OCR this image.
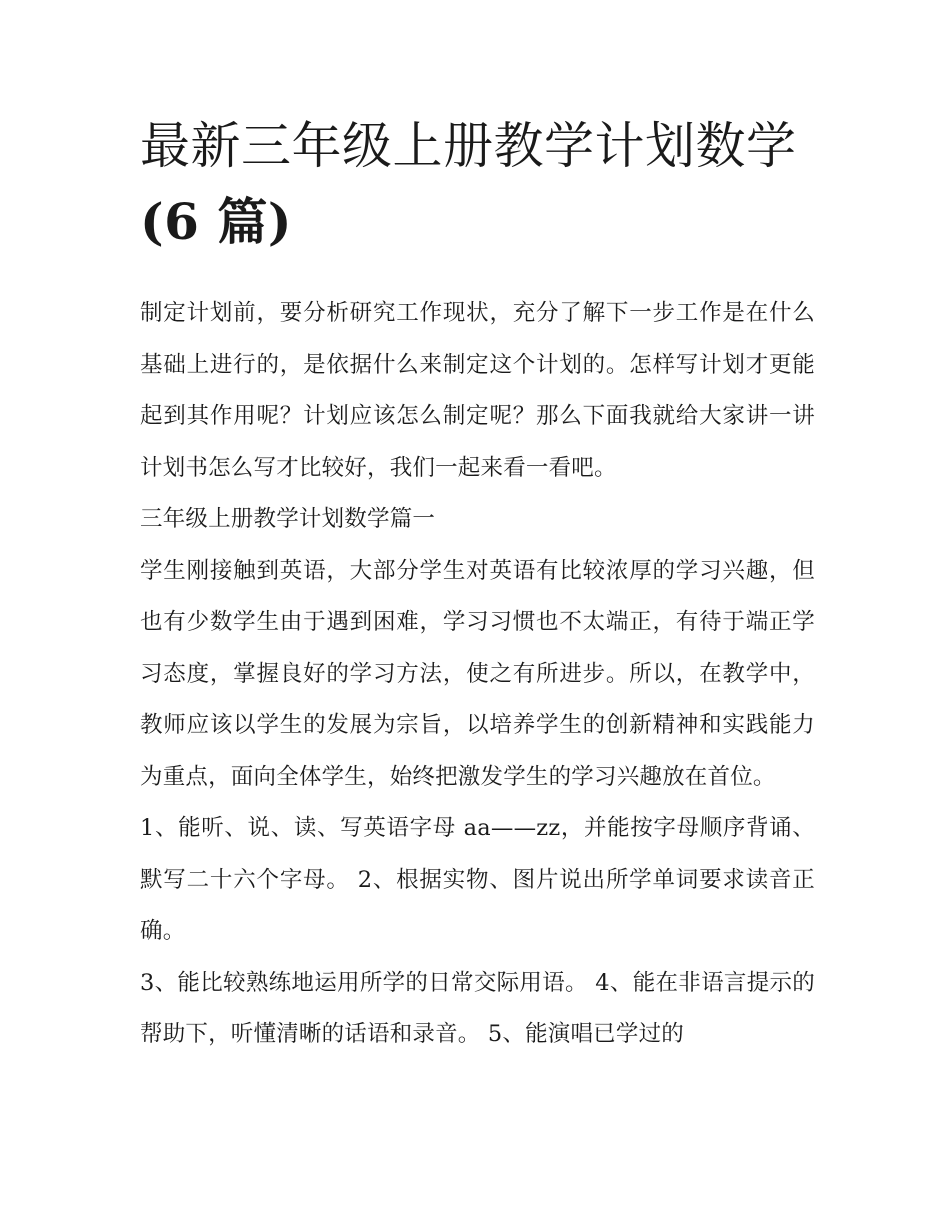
最新三年级上册教学计划数学
(6 篇)

制定计划前，要分析研究工作现状，充分了解下一步工作是在什么基础上进行的，是依据什么来制定这个计划的。怎样写计划才更能起到其作用呢？计划应该怎么制定呢？那么下面我就给大家讲一讲计划书怎么写才比较好，我们一起来看一看吧。

三年级上册教学计划数学篇一

学生刚接触到英语，大部分学生对英语有比较浓厚的学习兴趣，但也有少数学生由于遇到困难，学习习惯也不太端正，有待于端正学习态度，掌握良好的学习方法，使之有所进步。所以，在教学中，教师应该以学生的发展为宗旨，以培养学生的创新精神和实践能力为重点，面向全体学生，始终把激发学生的学习兴趣放在首位。

1、能听、说、读、写英语字母 aa——zz，并能按字母顺序背诵、默写二十六个字母。 2、根据实物、图片说出所学单词要求读音正确。

3、能比较熟练地运用所学的日常交际用语。 4、能在非语言提示的帮助下，听懂清晰的话语和录音。 5、能演唱已学过的
